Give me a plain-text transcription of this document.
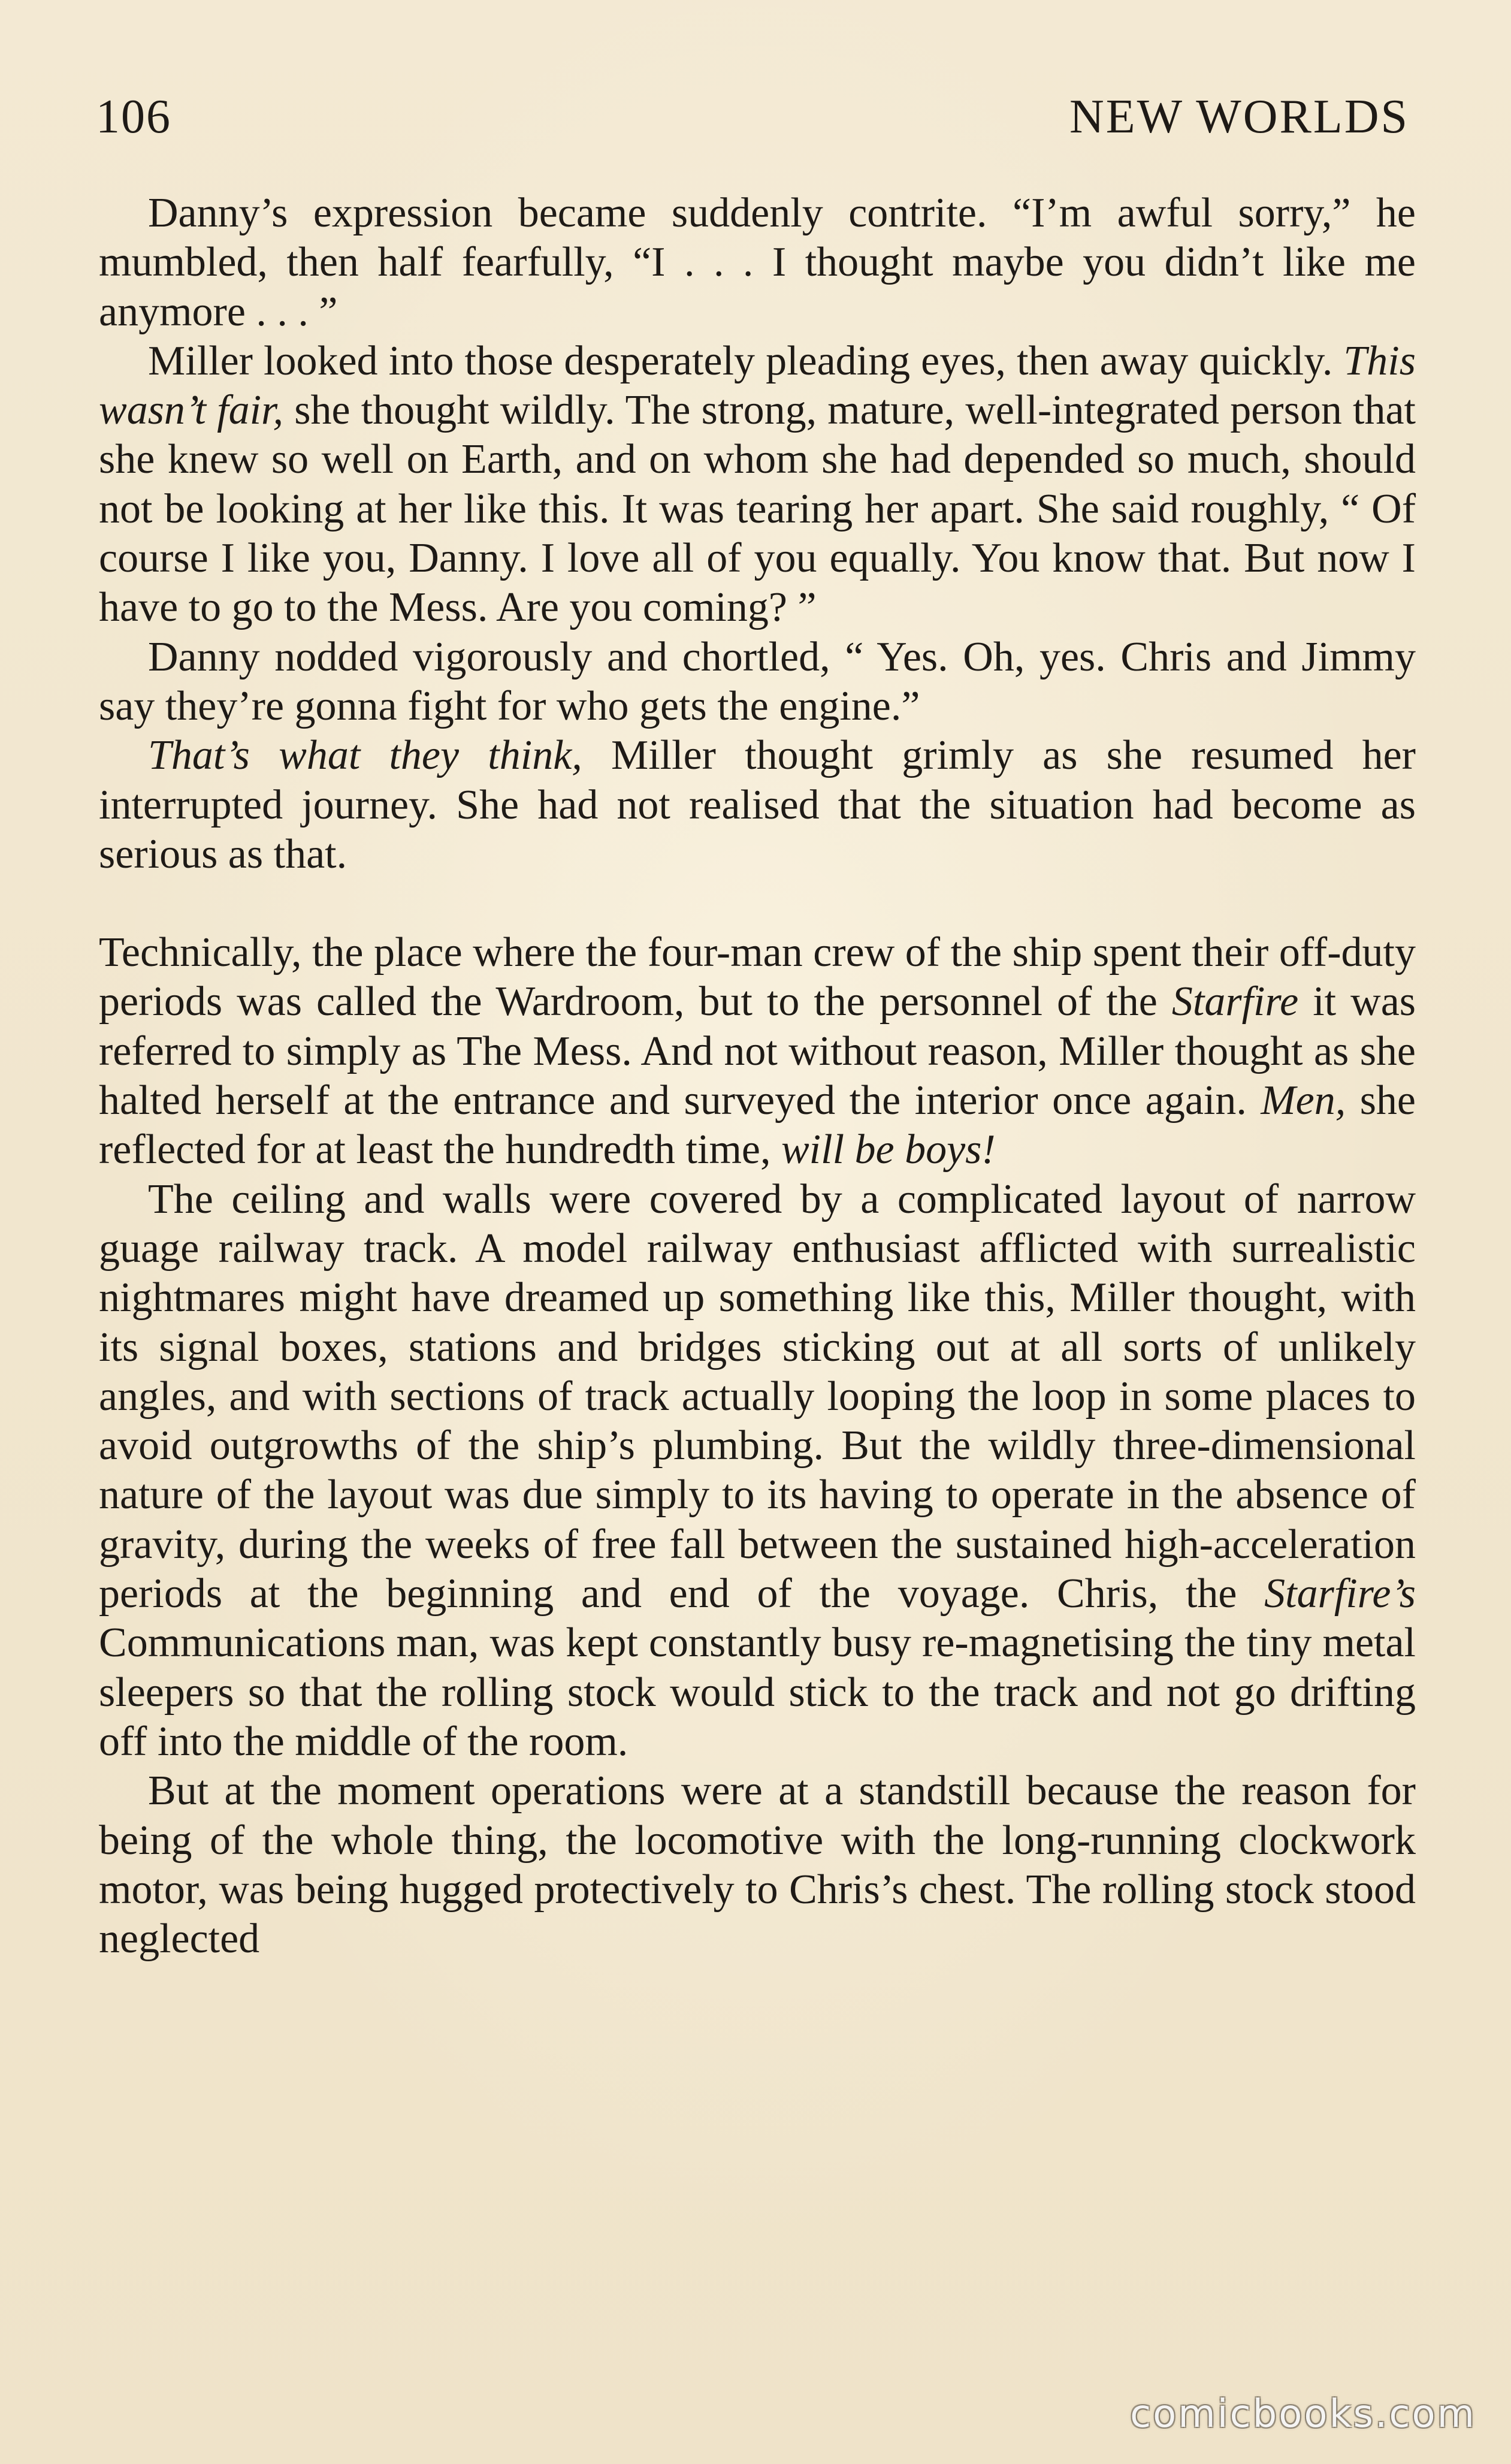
106	NEW WORLDS

Danny’s expression became suddenly contrite. “I’m awful sorry,” he mumbled, then half fearfully, “I . . . I thought maybe you didn’t like me anymore . . . ”

Miller looked into those desperately pleading eyes, then away quickly. This wasn’t fair, she thought wildly. The strong, mature, well-integrated person that she knew so well on Earth, and on whom she had depended so much, should not be looking at her like this. It was tearing her apart. She said roughly, “ Of course I like you, Danny. I love all of you equally. You know that. But now I have to go to the Mess. Are you coming? ”

Danny nodded vigorously and chortled, “ Yes. Oh, yes. Chris and Jimmy say they’re gonna fight for who gets the engine.”

That’s what they think, Miller thought grimly as she resumed her interrupted journey. She had not realised that the situation had become as serious as that.

Technically, the place where the four-man crew of the ship spent their off-duty periods was called the Wardroom, but to the personnel of the Starfire it was referred to simply as The Mess. And not without reason, Miller thought as she halted herself at the entrance and surveyed the interior once again. Men, she reflected for at least the hundredth time, will be boys!

The ceiling and walls were covered by a complicated layout of narrow guage railway track. A model railway enthusiast afflicted with surrealistic nightmares might have dreamed up something like this, Miller thought, with its signal boxes, stations and bridges sticking out at all sorts of unlikely angles, and with sections of track actually looping the loop in some places to avoid outgrowths of the ship’s plumbing. But the wildly three-dimensional nature of the layout was due simply to its having to operate in the absence of gravity, during the weeks of free fall between the sustained high-acceleration periods at the beginning and end of the voyage. Chris, the Starfire’s Communications man, was kept constantly busy re-magnetising the tiny metal sleepers so that the rolling stock would stick to the track and not go drifting off into the middle of the room.

But at the moment operations were at a standstill because the reason for being of the whole thing, the locomotive with the long-running clockwork motor, was being hugged protectively to Chris’s chest. The rolling stock stood neglected

comicbooks.com
